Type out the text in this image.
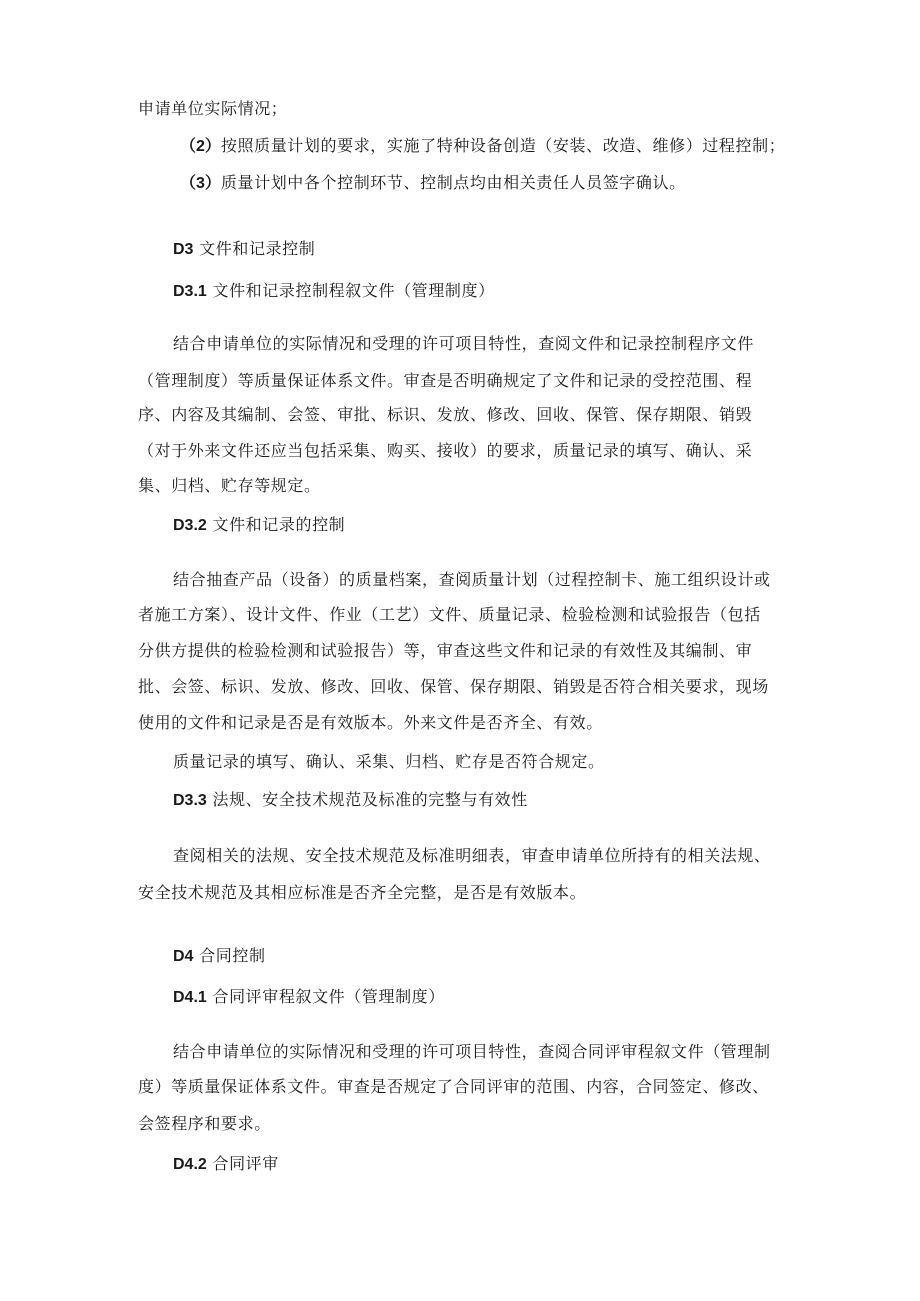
申请单位实际情况；
（2）按照质量计划的要求，实施了特种设备创造（安装、改造、维修）过程控制；
（3）质量计划中各个控制环节、控制点均由相关责任人员签字确认。
D3 文件和记录控制
D3.1 文件和记录控制程叙文件（管理制度）
结合申请单位的实际情况和受理的许可项目特性，查阅文件和记录控制程序文件
（管理制度）等质量保证体系文件。审查是否明确规定了文件和记录的受控范围、程
序、内容及其编制、会签、审批、标识、发放、修改、回收、保管、保存期限、销毁
（对于外来文件还应当包括采集、购买、接收）的要求，质量记录的填写、确认、采
集、归档、贮存等规定。
D3.2 文件和记录的控制
结合抽查产品（设备）的质量档案，查阅质量计划（过程控制卡、施工组织设计或
者施工方案）、设计文件、作业（工艺）文件、质量记录、检验检测和试验报告（包括
分供方提供的检验检测和试验报告）等，审查这些文件和记录的有效性及其编制、审
批、会签、标识、发放、修改、回收、保管、保存期限、销毁是否符合相关要求，现场
使用的文件和记录是否是有效版本。外来文件是否齐全、有效。
质量记录的填写、确认、采集、归档、贮存是否符合规定。
D3.3 法规、安全技术规范及标准的完整与有效性
查阅相关的法规、安全技术规范及标准明细表，审查申请单位所持有的相关法规、
安全技术规范及其相应标准是否齐全完整，是否是有效版本。
D4 合同控制
D4.1 合同评审程叙文件（管理制度）
结合申请单位的实际情况和受理的许可项目特性，查阅合同评审程叙文件（管理制
度）等质量保证体系文件。审查是否规定了合同评审的范围、内容，合同签定、修改、
会签程序和要求。
D4.2 合同评审
